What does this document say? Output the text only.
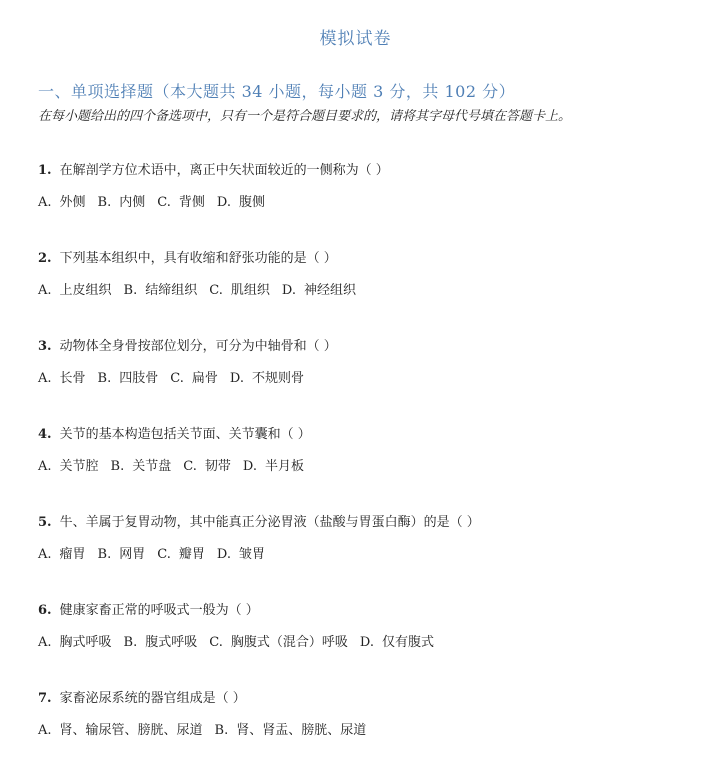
模拟试卷
一、单项选择题（本大题共 34 小题，每小题 3 分，共 102 分）
在每小题给出的四个备选项中，只有一个是符合题目要求的，请将其字母代号填在答题卡上。
1. 在解剖学方位术语中，离正中矢状面较近的一侧称为（ ）
A. 外侧 B. 内侧 C. 背侧 D. 腹侧
2. 下列基本组织中，具有收缩和舒张功能的是（ ）
A. 上皮组织 B. 结缔组织 C. 肌组织 D. 神经组织
3. 动物体全身骨按部位划分，可分为中轴骨和（ ）
A. 长骨 B. 四肢骨 C. 扁骨 D. 不规则骨
4. 关节的基本构造包括关节面、关节囊和（ ）
A. 关节腔 B. 关节盘 C. 韧带 D. 半月板
5. 牛、羊属于复胃动物，其中能真正分泌胃液（盐酸与胃蛋白酶）的是（ ）
A. 瘤胃 B. 网胃 C. 瓣胃 D. 皱胃
6. 健康家畜正常的呼吸式一般为（ ）
A. 胸式呼吸 B. 腹式呼吸 C. 胸腹式（混合）呼吸 D. 仅有腹式
7. 家畜泌尿系统的器官组成是（ ）
A. 肾、输尿管、膀胱、尿道 B. 肾、肾盂、膀胱、尿道
